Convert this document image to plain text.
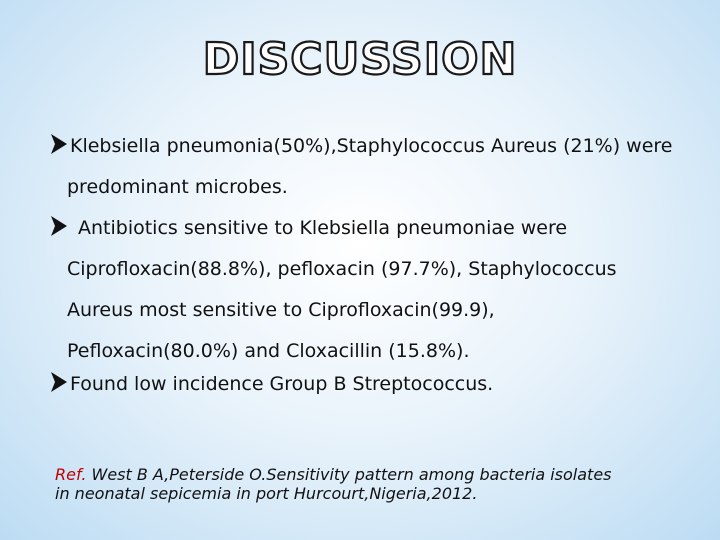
DISCUSSION
Klebsiella pneumonia(50%),Staphylococcus Aureus (21%) were
predominant microbes.
Antibiotics sensitive to Klebsiella pneumoniae were
Ciprofloxacin(88.8%), pefloxacin (97.7%), Staphylococcus
Aureus most sensitive to Ciprofloxacin(99.9),
Pefloxacin(80.0%) and Cloxacillin (15.8%).
Found low incidence Group B Streptococcus.
Ref. West B A,Peterside O.Sensitivity pattern among bacteria isolates
in neonatal sepicemia in port Hurcourt,Nigeria,2012.
